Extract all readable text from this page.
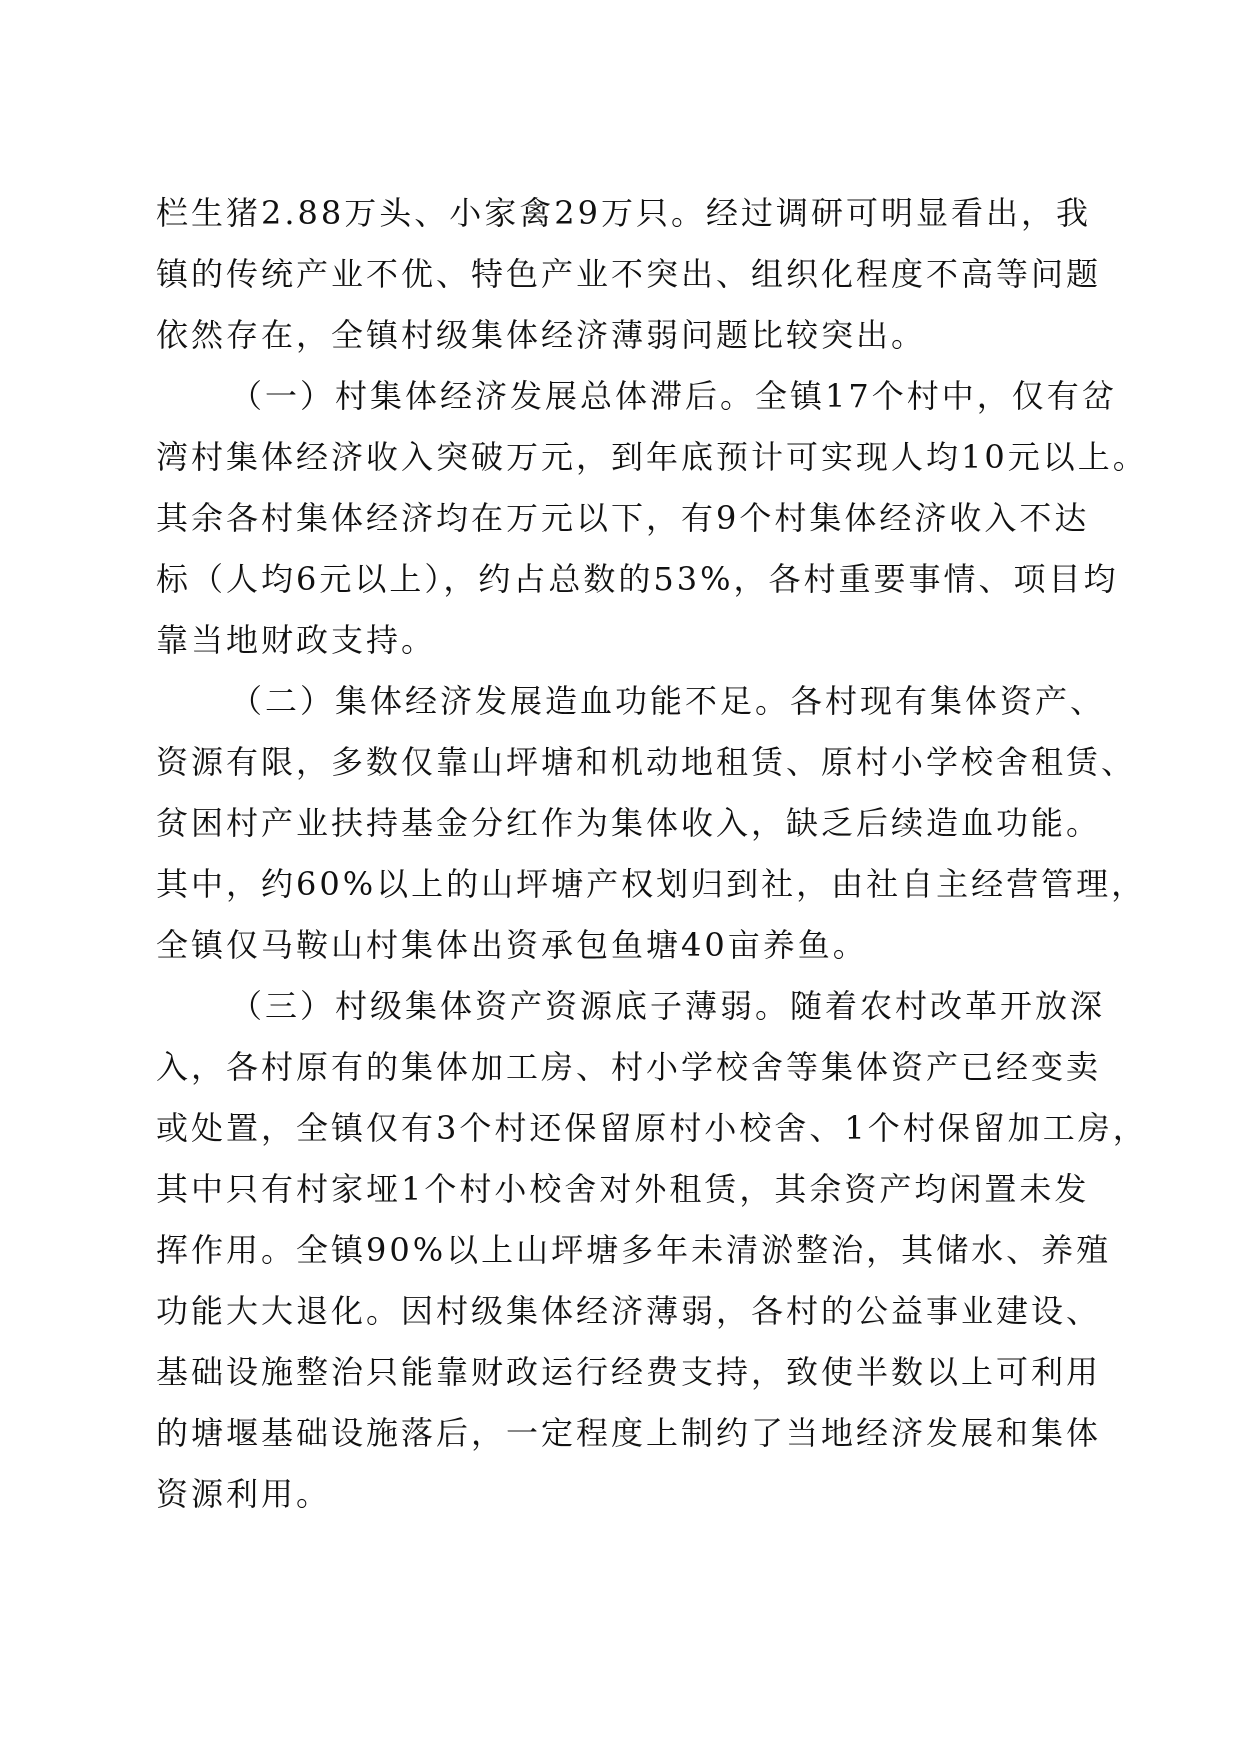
栏生猪2.88万头、小家禽29万只。经过调研可明显看出，我
镇的传统产业不优、特色产业不突出、组织化程度不高等问题
依然存在，全镇村级集体经济薄弱问题比较突出。
（一）村集体经济发展总体滞后。全镇17个村中，仅有岔
湾村集体经济收入突破万元，到年底预计可实现人均10元以上。
其余各村集体经济均在万元以下，有9个村集体经济收入不达
标（人均6元以上），约占总数的53%，各村重要事情、项目均
靠当地财政支持。
（二）集体经济发展造血功能不足。各村现有集体资产、
资源有限，多数仅靠山坪塘和机动地租赁、原村小学校舍租赁、
贫困村产业扶持基金分红作为集体收入，缺乏后续造血功能。
其中，约60%以上的山坪塘产权划归到社，由社自主经营管理，
全镇仅马鞍山村集体出资承包鱼塘40亩养鱼。
（三）村级集体资产资源底子薄弱。随着农村改革开放深
入，各村原有的集体加工房、村小学校舍等集体资产已经变卖
或处置，全镇仅有3个村还保留原村小校舍、1个村保留加工房，
其中只有村家垭1个村小校舍对外租赁，其余资产均闲置未发
挥作用。全镇90%以上山坪塘多年未清淤整治，其储水、养殖
功能大大退化。因村级集体经济薄弱，各村的公益事业建设、
基础设施整治只能靠财政运行经费支持，致使半数以上可利用
的塘堰基础设施落后，一定程度上制约了当地经济发展和集体
资源利用。
